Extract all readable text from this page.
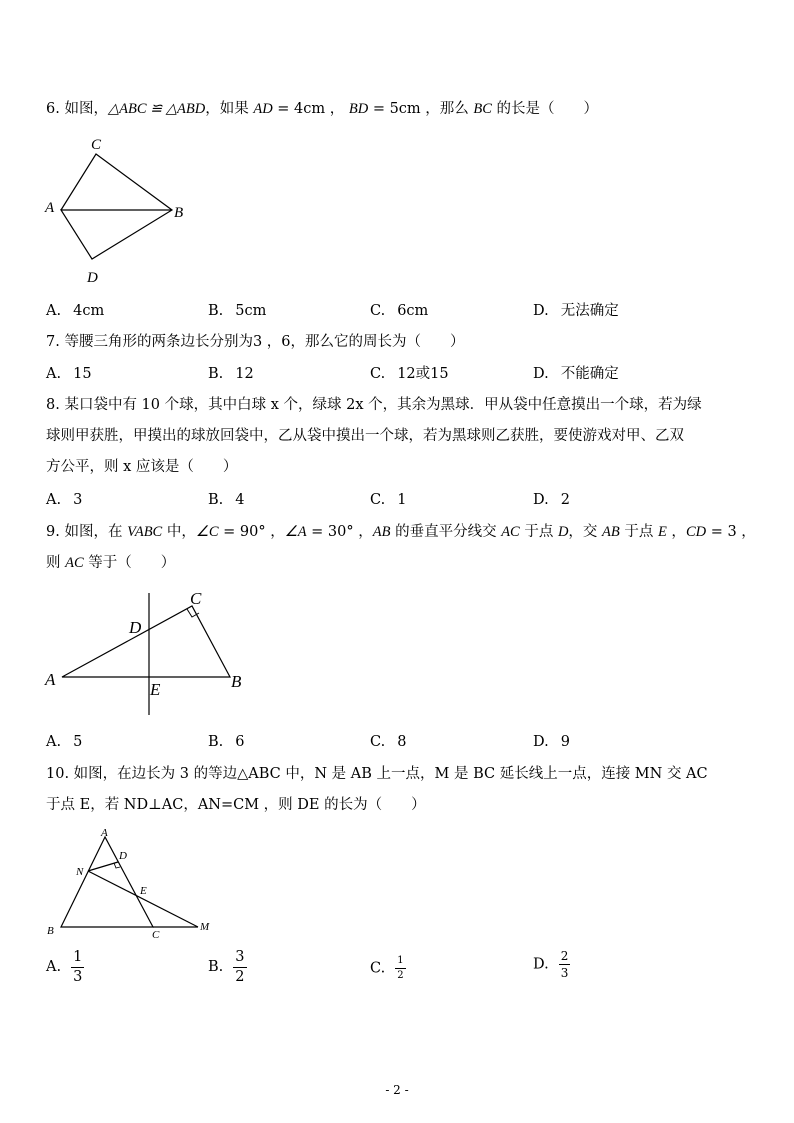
6. 如图，△ABC ≌ △ABD，如果 AD = 4cm ， BD = 5cm ，那么 BC 的长是（　　）
C
A	B
D
A. 4cm	B. 5cm	C. 6cm	D. 无法确定
7. 等腰三角形的两条边长分别为3 ，6，那么它的周长为（　　）
A. 15	B. 12	C. 12或15	D. 不能确定
8. 某口袋中有 10 个球，其中白球 x 个，绿球 2x 个，其余为黑球．甲从袋中任意摸出一个球，若为绿
球则甲获胜，甲摸出的球放回袋中，乙从袋中摸出一个球，若为黑球则乙获胜，要使游戏对甲、乙双
方公平，则 x 应该是（　　）
A. 3	B. 4	C. 1	D. 2
9. 如图，在 VABC 中，∠C = 90° ，∠A = 30° ，AB 的垂直平分线交 AC 于点 D，交 AB 于点 E ，CD = 3 ，
则 AC 等于（　　）
C
D
A
E	B
A. 5	B. 6	C. 8	D. 9
10. 如图，在边长为 3 的等边△ABC 中，N 是 AB 上一点，M 是 BC 延长线上一点，连接 MN 交 AC
于点 E，若 ND⊥AC，AN=CM ，则 DE 的长为（　　）
A
D
N
E
B	C
M
A. $\frac{1}{3}$	B. $\frac{3}{2}$	C. $\frac{1}{2}$	D. $\frac{2}{3}$
- 2 -
